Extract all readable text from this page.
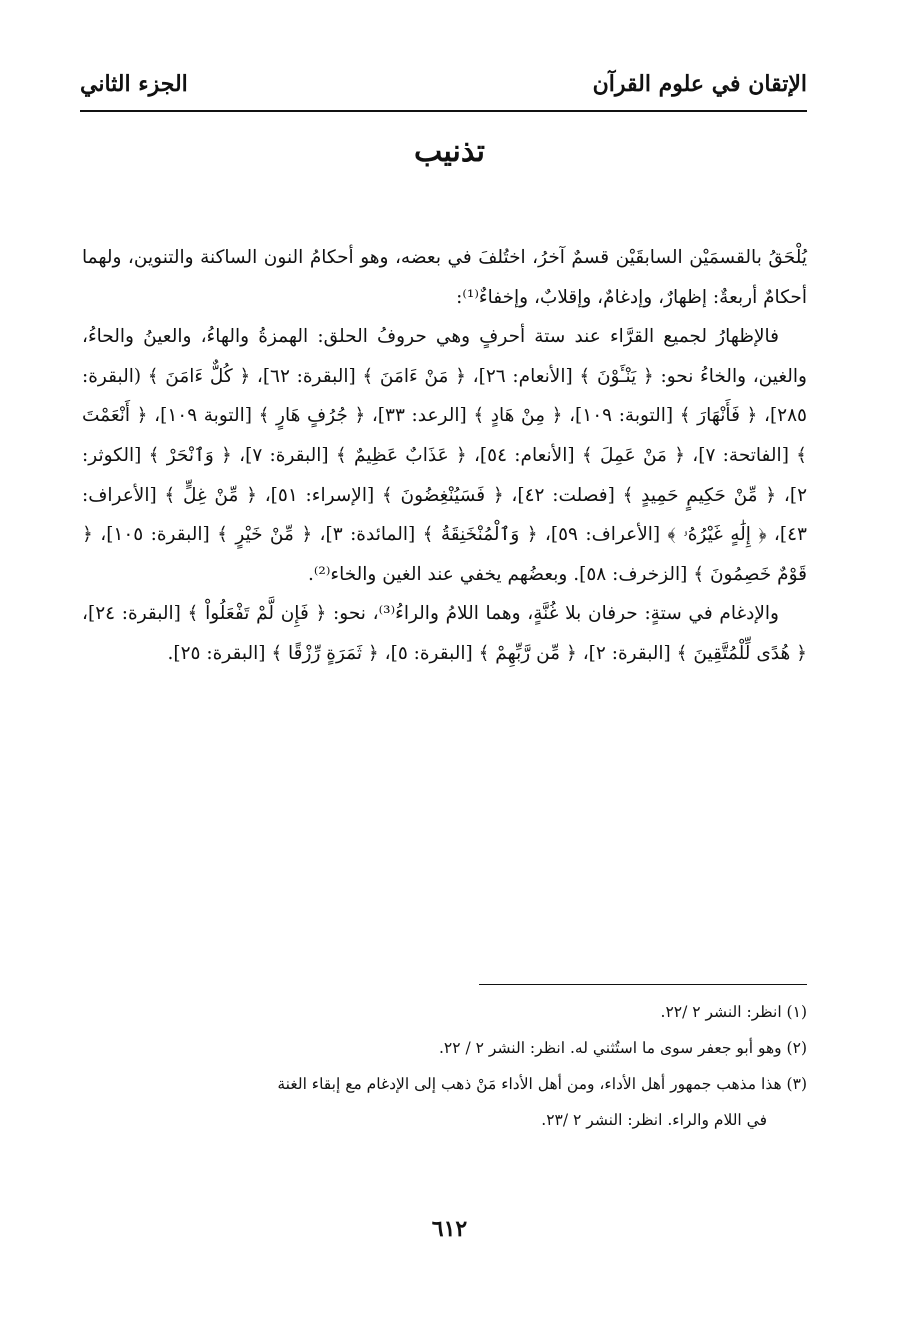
الإتقان في علوم القرآن
الجزء الثاني
تذنيب

يُلْحَقُ بالقسمَيْن السابقَيْن قسمٌ آخرُ، اختُلفَ في بعضه، وهو أحكامُ النون الساكنة والتنوين، ولهما أحكامٌ أربعةٌ: إظهارٌ، وإدغامٌ، وإقلابٌ، وإخفاءٌ⁽¹⁾:

فالإظهارُ لجميع القرَّاء عند ستة أحرفٍ وهي حروفُ الحلق: الهمزةُ والهاءُ، والعينُ والحاءُ، والغين، والخاءُ نحو: ﴿ يَنْـَٔوْنَ ﴾ [الأنعام: ٢٦]، ﴿ مَنْ ءَامَنَ ﴾ [البقرة: ٦٢]، ﴿ كُلٌّ ءَامَنَ ﴾ (البقرة: ٢٨٥]، ﴿ فَأَنْهَارَ ﴾ [التوبة: ١٠٩]، ﴿ مِنْ هَادٍ ﴾ [الرعد: ٣٣]، ﴿ جُرُفٍ هَارٍ ﴾ [التوبة ١٠٩]، ﴿ أَنْعَمْتَ ﴾ [الفاتحة: ٧]، ﴿ مَنْ عَمِلَ ﴾ [الأنعام: ٥٤]، ﴿ عَذَابٌ عَظِيمٌ ﴾ [البقرة: ٧]، ﴿ وَٱنْحَرْ ﴾ [الكوثر: ٢]، ﴿ مِّنْ حَكِيمٍ حَمِيدٍ ﴾ [فصلت: ٤٢]، ﴿ فَسَيُنْغِضُونَ ﴾ [الإسراء: ٥١]، ﴿ مِّنْ غِلٍّ ﴾ [الأعراف: ٤٣]، ﴿ إِلَٰهٍ غَيْرُهُۥ ﴾ [الأعراف: ٥٩]، ﴿ وَٱلْمُنْخَنِقَةُ ﴾ [المائدة: ٣]، ﴿ مِّنْ خَيْرٍ ﴾ [البقرة: ١٠٥]، ﴿ قَوْمٌ خَصِمُونَ ﴾ [الزخرف: ٥٨]. وبعضُهم يخفي عند الغين والخاء⁽²⁾.

والإدغام في ستةٍ: حرفان بلا غُنَّةٍ، وهما اللامُ والراءُ⁽³⁾، نحو: ﴿ فَإِن لَّمْ تَفْعَلُواْ ﴾ [البقرة: ٢٤]، ﴿ هُدًى لِّلْمُتَّقِينَ ﴾ [البقرة: ٢]، ﴿ مِّن رَّبِّهِمْ ﴾ [البقرة: ٥]، ﴿ ثَمَرَةٍ رِّزْقًا ﴾ [البقرة: ٢٥].

(١) انظر: النشر ٢ /٢٢.

(٢) وهو أبو جعفر سوى ما استُثني له. انظر: النشر ٢ / ٢٢.

(٣) هذا مذهب جمهور أهل الأداء، ومن أهل الأداء مَنْ ذهب إلى الإدغام مع إبقاء الغنة

في اللام والراء. انظر: النشر ٢ /٢٣.

٦١٢
